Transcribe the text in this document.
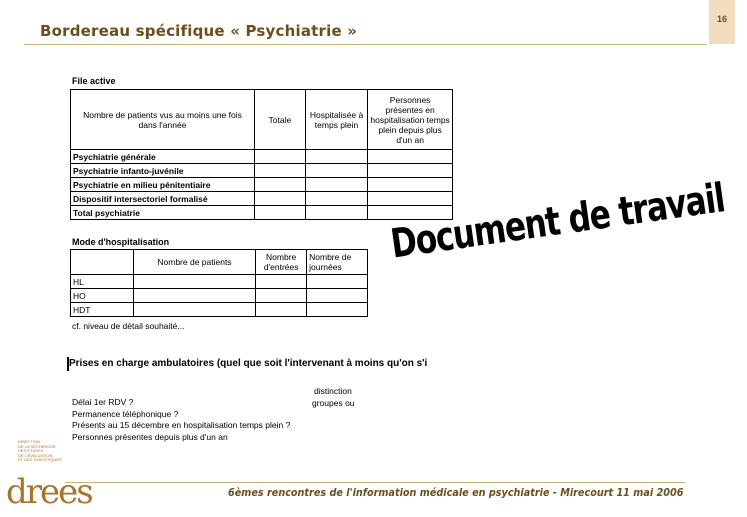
Bordereau spécifique « Psychiatrie »
16
File active
Nombre de patients vus au moins une fois dans l'année	Totale	Hospitalisée à temps plein	Personnes présentes en hospitalisation temps plein depuis plus d'un an
Psychiatrie générale			
Psychiatrie infanto-juvénile			
Psychiatrie en milieu pénitentiaire			
Dispositif intersectoriel formalisé			
Total psychiatrie			
Mode d'hospitalisation
	Nombre de patients	Nombre d'entrées	Nombre de journées
HL			
HO			
HDT			
cf. niveau de détail souhaité...
Document de travail
Prises en charge ambulatoires (quel que soit l'intervenant à moins qu'on s'i
distinction
groupes ou
Délai 1er RDV ?
Permanence téléphonique ?
Présents au 15 décembre en hospitalisation temps plein ?
Personnes présentes depuis plus d'un an
DIRECTION
DE LA RECHERCHE
DES ÉTUDES
DE L'ÉVALUATION
ET DES STATISTIQUES
drees	6èmes rencontres de l'information médicale en psychiatrie - Mirecourt 11 mai 2006
